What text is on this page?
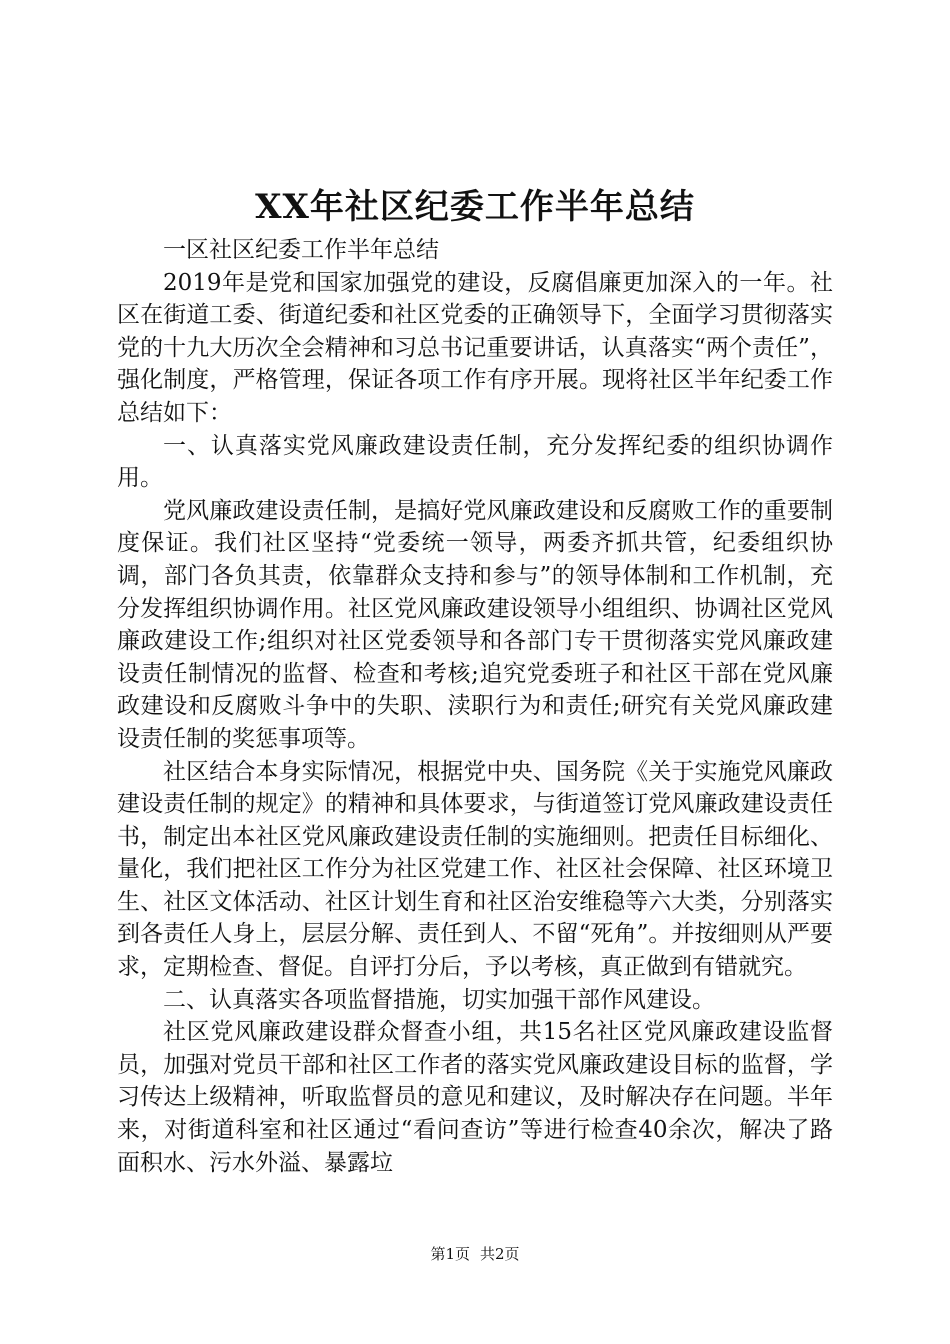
XX年社区纪委工作半年总结

一区社区纪委工作半年总结

2019年是党和国家加强党的建设，反腐倡廉更加深入的一年。社区在街道工委、街道纪委和社区党委的正确领导下，全面学习贯彻落实党的十九大历次全会精神和习总书记重要讲话，认真落实“两个责任”，强化制度，严格管理，保证各项工作有序开展。现将社区半年纪委工作总结如下：

一、认真落实党风廉政建设责任制，充分发挥纪委的组织协调作用。

党风廉政建设责任制，是搞好党风廉政建设和反腐败工作的重要制度保证。我们社区坚持“党委统一领导，两委齐抓共管，纪委组织协调，部门各负其责，依靠群众支持和参与”的领导体制和工作机制，充分发挥组织协调作用。社区党风廉政建设领导小组组织、协调社区党风廉政建设工作;组织对社区党委领导和各部门专干贯彻落实党风廉政建设责任制情况的监督、检查和考核;追究党委班子和社区干部在党风廉政建设和反腐败斗争中的失职、渎职行为和责任;研究有关党风廉政建设责任制的奖惩事项等。

社区结合本身实际情况，根据党中央、国务院《关于实施党风廉政建设责任制的规定》的精神和具体要求，与街道签订党风廉政建设责任书，制定出本社区党风廉政建设责任制的实施细则。把责任目标细化、量化，我们把社区工作分为社区党建工作、社区社会保障、社区环境卫生、社区文体活动、社区计划生育和社区治安维稳等六大类，分别落实到各责任人身上，层层分解、责任到人、不留“死角”。并按细则从严要求，定期检查、督促。自评打分后，予以考核，真正做到有错就究。

二、认真落实各项监督措施，切实加强干部作风建设。

社区党风廉政建设群众督查小组，共15名社区党风廉政建设监督员，加强对党员干部和社区工作者的落实党风廉政建设目标的监督，学习传达上级精神，听取监督员的意见和建议，及时解决存在问题。半年来，对街道科室和社区通过“看问查访”等进行检查40余次，解决了路面积水、污水外溢、暴露垃

第1页 共2页
